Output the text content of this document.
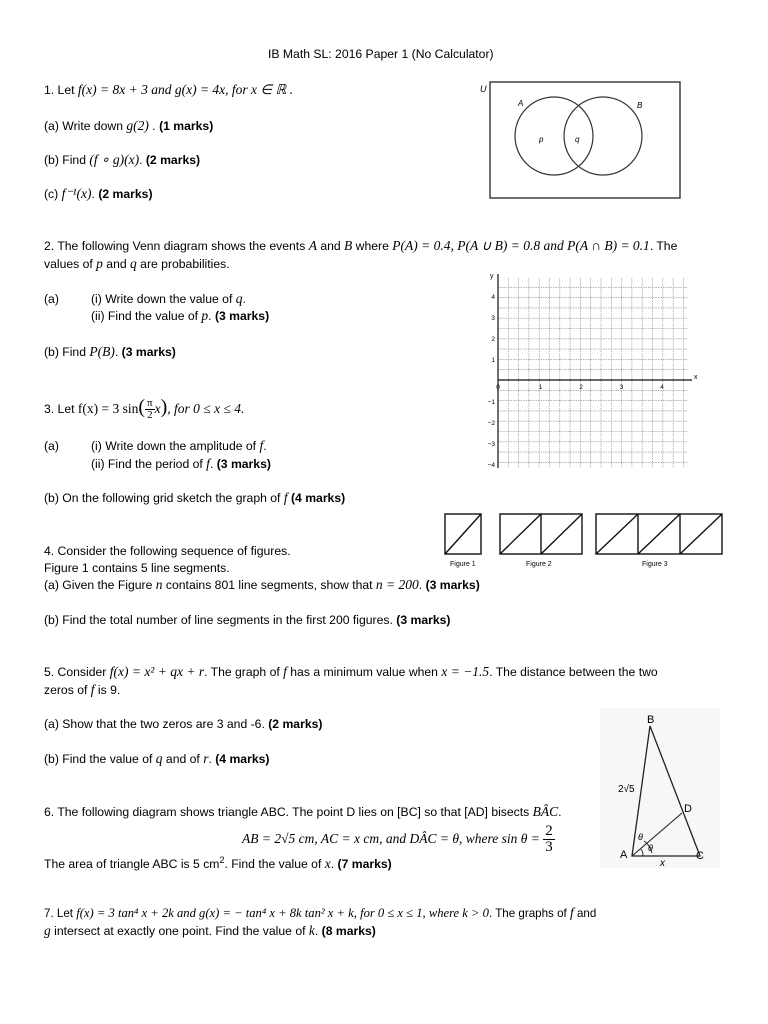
IB Math SL: 2016 Paper 1 (No Calculator)
1. Let f(x) = 8x + 3 and g(x) = 4x, for x ∈ ℝ .
(a) Write down g(2) . (1 marks)
(b) Find (f ∘ g)(x). (2 marks)
(c) f⁻¹(x). (2 marks)
U
A	B
p	q
2. The following Venn diagram shows the events A and B where P(A) = 0.4, P(A ∪ B) = 0.8 and P(A ∩ B) = 0.1. The
values of p and q are probabilities.
(a)	(i) Write down the value of q.
(ii) Find the value of p. (3 marks)
(b) Find P(B). (3 marks)
3. Let f(x) = 3 $\sin( \frac{\pi}{2} x)$, for 0 ≤ x ≤ 4.
(a)	(i) Write down the amplitude of f.
(ii) Find the period of f. (3 marks)
(b) On the following grid sketch the graph of f (4 marks)
y
x
0	1	2	3	4
4
3
2
1
−1
−2
−3
−4
4. Consider the following sequence of figures.
Figure 1 contains 5 line segments.
(a) Given the Figure n contains 801 line segments, show that n = 200. (3 marks)
(b) Find the total number of line segments in the first 200 figures. (3 marks)
Figure 1	Figure 2	Figure 3
5. Consider f(x) = x² + qx + r. The graph of f has a minimum value when x = −1.5. The distance between the two
zeros of f is 9.
(a) Show that the two zeros are 3 and -6. (2 marks)
(b) Find the value of q and of r. (4 marks)
B
A	C
D
2√5
θ
θ
x
6. The following diagram shows triangle ABC. The point D lies on [BC] so that [AD] bisects BÂC.
AB = 2√5 cm, AC = x cm, and DÂC = θ, where $\sin \theta = \frac{2}{3}$
The area of triangle ABC is 5 $cm^2$. Find the value of x. (7 marks)
7. Let f(x) = 3 tan⁴ x + 2k and g(x) = − tan⁴ x + 8k tan² x + k, for 0 ≤ x ≤ 1, where k > 0. The graphs of f and
g intersect at exactly one point. Find the value of k. (8 marks)
